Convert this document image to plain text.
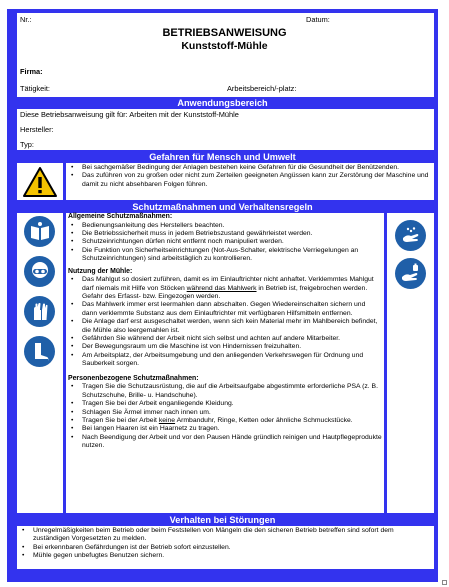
Nr.:	Datum:
BETRIEBSANWEISUNG
Kunststoff-Mühle
Firma:
Tätigkeit:	Arbeitsbereich/-platz:
Anwendungsbereich
Diese Betriebsanweisung gilt für: Arbeiten mit der Kunststoff-Mühle
Hersteller:
Typ:
Gefahren für Mensch und Umwelt
• Bei sachgemäßer Bedingung der Anlagen bestehen keine Gefahren für die Gesundheit der Benützenden.
• Das zuführen von zu großen oder nicht zum Zerteilen geeigneten Angüssen kann zur Zerstörung der Maschine und damit zu nicht absehbaren Folgen führen.
Schutzmaßnahmen und Verhaltensregeln
Allgemeine Schutzmaßnahmen:
• Bedienungsanleitung des Herstellers beachten.
• Die Betriebssicherheit muss in jedem Betriebszustand gewährleistet werden.
• Schutzeinrichtungen dürfen nicht entfernt noch manipuliert werden.
• Die Funktion von Sicherheitseinrichtungen (Not-Aus-Schalter, elektrische Verriegelungen an Schutzeinrichtungen) sind arbeitstäglich zu kontrollieren.
Nutzung der Mühle:
• Das Mahlgut so dosiert zuführen, damit es im Einlauftrichter nicht anhaftet. Verklemmtes Mahlgut darf niemals mit Hilfe von Stöcken während das Mahlwerk in Betrieb ist, freigebrochen werden. Gefahr des Erfasst- bzw. Eingezogen werden.
• Das Mahlwerk immer erst leermahlen dann abschalten. Gegen Wiedereinschalten sichern und dann verklemmte Substanz aus dem Einlauftrichter mit verfügbaren Hilfsmitteln entfernen.
• Die Anlage darf erst ausgeschaltet werden, wenn sich kein Material mehr im Mahlbereich befindet, die Mühle also leergemahlen ist.
• Gefährden Sie während der Arbeit nicht sich selbst und achten auf andere Mitarbeiter.
• Der Bewegungsraum um die Maschine ist von Hindernissen freizuhalten.
• Am Arbeitsplatz, der Arbeitsumgebung und den anliegenden Verkehrswegen für Ordnung und Sauberkeit sorgen.
Personenbezogene Schutzmaßnahmen:
• Tragen Sie die Schutzausrüstung, die auf die Arbeitsaufgabe abgestimmte erforderliche PSA (z. B. Schutzschuhe, Brille- u. Handschuhe).
• Tragen Sie bei der Arbeit enganliegende Kleidung.
• Schlagen Sie Ärmel immer nach innen um.
• Tragen Sie bei der Arbeit keine Armbanduhr, Ringe, Ketten oder ähnliche Schmuckstücke.
• Bei langen Haaren ist ein Haarnetz zu tragen.
• Nach Beendigung der Arbeit und vor den Pausen Hände gründlich reinigen und Hautpflegeprodukte nutzen.
Verhalten bei Störungen
• Unregelmäßigkeiten beim Betrieb oder beim Feststellen von Mängeln die den sicheren Betrieb betreffen sind sofort dem zuständigen Vorgesetzten zu melden.
• Bei erkennbaren Gefährdungen ist der Betrieb sofort einzustellen.
• Mühle gegen unbefugtes Benutzen sichern.
